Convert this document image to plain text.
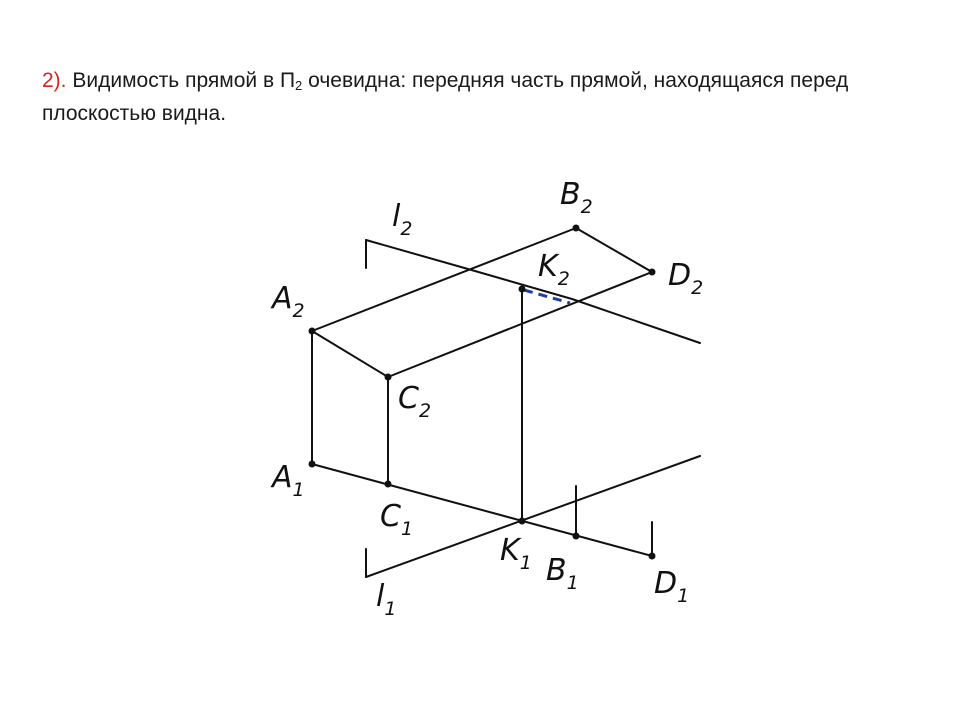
2). Видимость прямой в $П_2$ очевидна: передняя часть прямой, находящаяся перед плоскостью видна.
l2
B2
K2	D2
A2
C2
A1
C1
K1 B1	D1
l1
